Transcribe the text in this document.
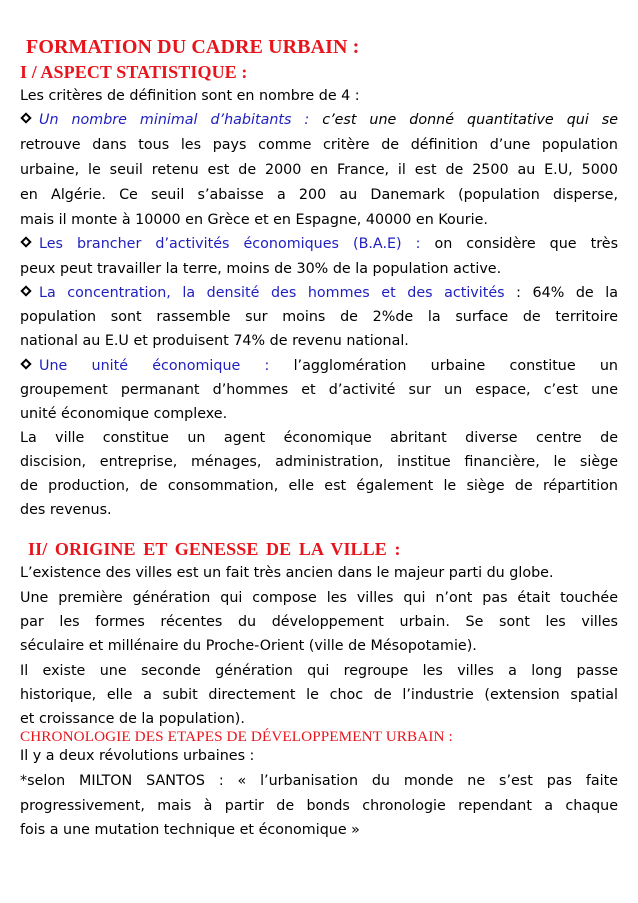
FORMATION DU CADRE URBAIN :
I / ASPECT STATISTIQUE :
Les critères de définition sont en nombre de 4 :
Un nombre minimal d’habitants : c’est une donné quantitative qui se
retrouve dans tous les pays comme critère de définition d’une population
urbaine, le seuil retenu est de 2000 en France, il est de 2500 au E.U, 5000
en Algérie. Ce seuil s’abaisse a 200 au Danemark (population disperse,
mais il monte à 10000 en Grèce et en Espagne, 40000 en Kourie.
Les brancher d’activités économiques (B.A.E) : on considère que très
peux peut travailler la terre, moins de 30% de la population active.
La concentration, la densité des hommes et des activités : 64% de la
population sont rassemble sur moins de 2%de la surface de territoire
national au E.U et produisent 74% de revenu national.
Une unité économique : l’agglomération urbaine constitue un
groupement permanant d’hommes et d’activité sur un espace, c’est une
unité économique complexe.
La ville constitue un agent économique abritant diverse centre de
discision, entreprise, ménages, administration, institue financière, le siège
de production, de consommation, elle est également le siège de répartition
des revenus.
II/ ORIGINE ET GENESSE DE LA VILLE :
L’existence des villes est un fait très ancien dans le majeur parti du globe.
Une première génération qui compose les villes qui n’ont pas était touchée
par les formes récentes du développement urbain. Se sont les villes
séculaire et millénaire du Proche-Orient (ville de Mésopotamie).
Il existe une seconde génération qui regroupe les villes a long passe
historique, elle a subit directement le choc de l’industrie (extension spatial
et croissance de la population).
CHRONOLOGIE DES ETAPES DE DÉVELOPPEMENT URBAIN :
Il y a deux révolutions urbaines :
*selon MILTON SANTOS : « l’urbanisation du monde ne s’est pas faite
progressivement, mais à partir de bonds chronologie rependant a chaque
fois a une mutation technique et économique »
